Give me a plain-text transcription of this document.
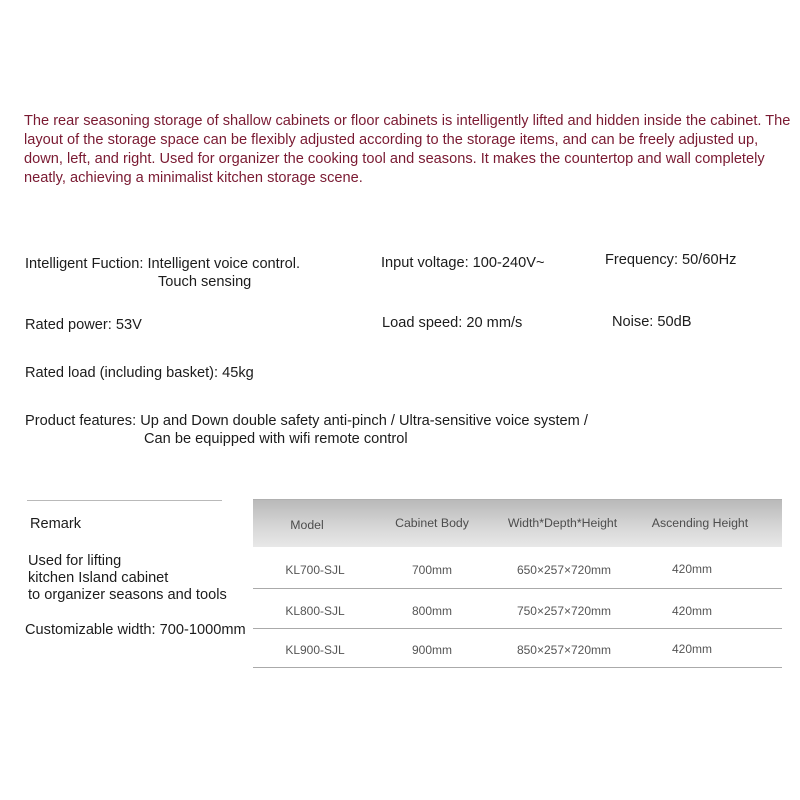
The rear seasoning storage of shallow cabinets or floor cabinets is intelligently lifted and hidden inside the cabinet. The layout of the storage space can be flexibly adjusted according to the storage items, and can be freely adjusted up, down, left, and right. Used for organizer the cooking tool and seasons. It makes the countertop and wall completely neatly, achieving a minimalist kitchen storage scene.

Intelligent Fuction: Intelligent voice control.
Touch sensing
Input voltage: 100-240V~	Frequency: 50/60Hz
Rated power: 53V	Load speed: 20 mm/s	Noise: 50dB
Rated load (including basket): 45kg
Product features: Up and Down double safety anti-pinch / Ultra-sensitive voice system /
Can be equipped with wifi remote control
Remark
Used for lifting
kitchen Island cabinet
to organizer seasons and tools
Customizable width: 700-1000mm
Model	Cabinet Body	Width*Depth*Height	Ascending Height
KL700-SJL	700mm	650×257×720mm	420mm
KL800-SJL	800mm	750×257×720mm	420mm
KL900-SJL	900mm	850×257×720mm	420mm
